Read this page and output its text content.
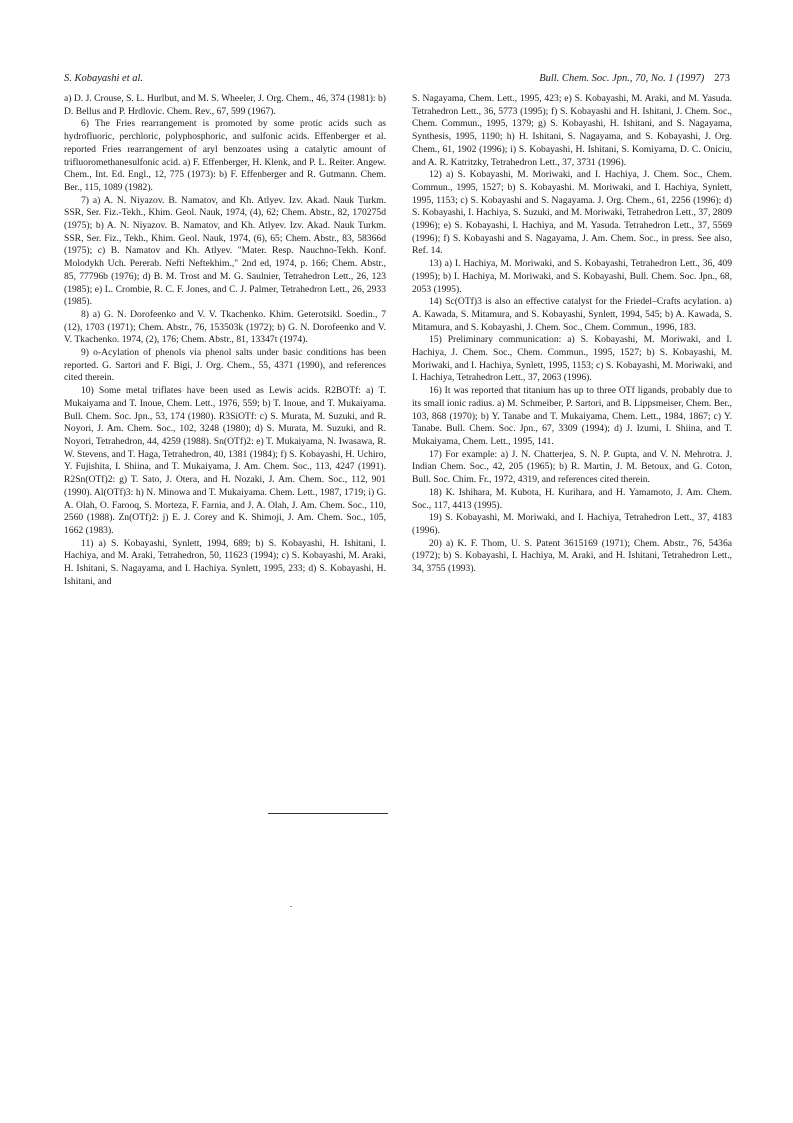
S. Kobayashi et al.	Bull. Chem. Soc. Jpn., 70, No. 1 (1997) 273

a) D. J. Crouse, S. L. Hurlbut, and M. S. Wheeler, J. Org. Chem., 46, 374 (1981): b) D. Bellus and P. Hrdlovic. Chem. Rev., 67, 599 (1967).

6) The Fries rearrangement is promoted by some protic acids such as hydrofluoric, perchloric, polyphosphoric, and sulfonic acids. Effenberger et al. reported Fries rearrangement of aryl benzoates using a catalytic amount of trifluoromethanesulfonic acid. a) F. Effenberger, H. Klenk, and P. L. Reiter. Angew. Chem., Int. Ed. Engl., 12, 775 (1973): b) F. Effenberger and R. Gutmann. Chem. Ber., 115, 1089 (1982).

7) a) A. N. Niyazov. B. Namatov, and Kh. Atlyev. Izv. Akad. Nauk Turkm. SSR, Ser. Fiz.-Tekh., Khim. Geol. Nauk, 1974, (4), 62; Chem. Abstr., 82, 170275d (1975); b) A. N. Niyazov. B. Namatov, and Kh. Atlyev. Izv. Akad. Nauk Turkm. SSR, Ser. Fiz., Tekh., Khim. Geol. Nauk, 1974, (6), 65; Chem. Abstr., 83, 58366d (1975); c) B. Namatov and Kh. Atlyev. "Mater. Resp. Nauchno-Tekh. Konf. Molodykh Uch. Pererab. Nefti Neftekhim.," 2nd ed, 1974, p. 166; Chem. Abstr., 85, 77796b (1976); d) B. M. Trost and M. G. Saulnier, Tetrahedron Lett., 26, 123 (1985); e) L. Crombie, R. C. F. Jones, and C. J. Palmer, Tetrahedron Lett., 26, 2933 (1985).

8) a) G. N. Dorofeenko and V. V. Tkachenko. Khim. Geterotsikl. Soedin., 7 (12), 1703 (1971); Chem. Abstr., 76, 153503k (1972); b) G. N. Dorofeenko and V. V. Tkachenko. 1974, (2), 176; Chem. Abstr., 81, 13347t (1974).

9) o-Acylation of phenols via phenol salts under basic conditions has been reported. G. Sartori and F. Bigi, J. Org. Chem., 55, 4371 (1990), and references cited therein.

10) Some metal triflates have been used as Lewis acids. R2BOTf: a) T. Mukaiyama and T. Inoue, Chem. Lett., 1976, 559; b) T. Inoue, and T. Mukaiyama. Bull. Chem. Soc. Jpn., 53, 174 (1980). R3SiOTf: c) S. Murata, M. Suzuki, and R. Noyori, J. Am. Chem. Soc., 102, 3248 (1980); d) S. Murata, M. Suzuki, and R. Noyori, Tetrahedron, 44, 4259 (1988). Sn(OTf)2: e) T. Mukaiyama, N. Iwasawa, R. W. Stevens, and T. Haga, Tetrahedron, 40, 1381 (1984); f) S. Kobayashi, H. Uchiro, Y. Fujishita, I. Shiina, and T. Mukaiyama, J. Am. Chem. Soc., 113, 4247 (1991). R2Sn(OTf)2: g) T. Sato, J. Otera, and H. Nozaki, J. Am. Chem. Soc., 112, 901 (1990). Al(OTf)3: h) N. Minowa and T. Mukaiyama. Chem. Lett., 1987, 1719; i) G. A. Olah, O. Farooq, S. Morteza, F. Farnia, and J. A. Olah, J. Am. Chem. Soc., 110, 2560 (1988). Zn(OTf)2: j) E. J. Corey and K. Shimoji, J. Am. Chem. Soc., 105, 1662 (1983).

11) a) S. Kobayashi, Synlett, 1994, 689; b) S. Kobayashi, H. Ishitani, I. Hachiya, and M. Araki, Tetrahedron, 50, 11623 (1994); c) S. Kobayashi, M. Araki, H. Ishitani, S. Nagayama, and I. Hachiya. Synlett, 1995, 233; d) S. Kobayashi, H. Ishitani, and

S. Nagayama, Chem. Lett., 1995, 423; e) S. Kobayashi, M. Araki, and M. Yasuda. Tetrahedron Lett., 36, 5773 (1995); f) S. Kobayashi and H. Ishitani, J. Chem. Soc., Chem. Commun., 1995, 1379; g) S. Kobayashi, H. Ishitani, and S. Nagayama, Synthesis, 1995, 1190; h) H. Ishitani, S. Nagayama, and S. Kobayashi, J. Org. Chem., 61, 1902 (1996); i) S. Kobayashi, H. Ishitani, S. Komiyama, D. C. Oniciu, and A. R. Katritzky, Tetrahedron Lett., 37, 3731 (1996).

12) a) S. Kobayashi, M. Moriwaki, and I. Hachiya, J. Chem. Soc., Chem. Commun., 1995, 1527; b) S. Kobayashi. M. Moriwaki, and I. Hachiya, Synlett, 1995, 1153; c) S. Kobayashi and S. Nagayama. J. Org. Chem., 61, 2256 (1996); d) S. Kobayashi, I. Hachiya, S. Suzuki, and M. Moriwaki, Tetrahedron Lett., 37, 2809 (1996); e) S. Kobayashi, I. Hachiya, and M. Yasuda. Tetrahedron Lett., 37, 5569 (1996); f) S. Kobayashi and S. Nagayama, J. Am. Chem. Soc., in press. See also, Ref. 14.

13) a) I. Hachiya, M. Moriwaki, and S. Kobayashi, Tetrahedron Lett., 36, 409 (1995); b) I. Hachiya, M. Moriwaki, and S. Kobayashi, Bull. Chem. Soc. Jpn., 68, 2053 (1995).

14) Sc(OTf)3 is also an effective catalyst for the Friedel–Crafts acylation. a) A. Kawada, S. Mitamura, and S. Kobayashi, Synlett, 1994, 545; b) A. Kawada, S. Mitamura, and S. Kobayashi, J. Chem. Soc., Chem. Commun., 1996, 183.

15) Preliminary communication: a) S. Kobayashi, M. Moriwaki, and I. Hachiya, J. Chem. Soc., Chem. Commun., 1995, 1527; b) S. Kobayashi, M. Moriwaki, and I. Hachiya, Synlett, 1995, 1153; c) S. Kobayashi, M. Moriwaki, and I. Hachiya, Tetrahedron Lett., 37, 2063 (1996).

16) It was reported that titanium has up to three OTf ligands, probably due to its small ionic radius. a) M. Schmeiber, P. Sartori, and B. Lippsmeiser, Chem. Ber., 103, 868 (1970); b) Y. Tanabe and T. Mukaiyama, Chem. Lett., 1984, 1867; c) Y. Tanabe. Bull. Chem. Soc. Jpn., 67, 3309 (1994); d) J. Izumi, I. Shiina, and T. Mukaiyama, Chem. Lett., 1995, 141.

17) For example: a) J. N. Chatterjea, S. N. P. Gupta, and V. N. Mehrotra. J. Indian Chem. Soc., 42, 205 (1965); b) R. Martin, J. M. Betoux, and G. Coton, Bull. Soc. Chim. Fr., 1972, 4319, and references cited therein.

18) K. Ishihara, M. Kubota, H. Kurihara, and H. Yamamoto, J. Am. Chem. Soc., 117, 4413 (1995).

19) S. Kobayashi, M. Moriwaki, and I. Hachiya, Tetrahedron Lett., 37, 4183 (1996).

20) a) K. F. Thom, U. S. Patent 3615169 (1971); Chem. Abstr., 76, 5436a (1972); b) S. Kobayashi, I. Hachiya, M. Araki, and H. Ishitani, Tetrahedron Lett., 34, 3755 (1993).
